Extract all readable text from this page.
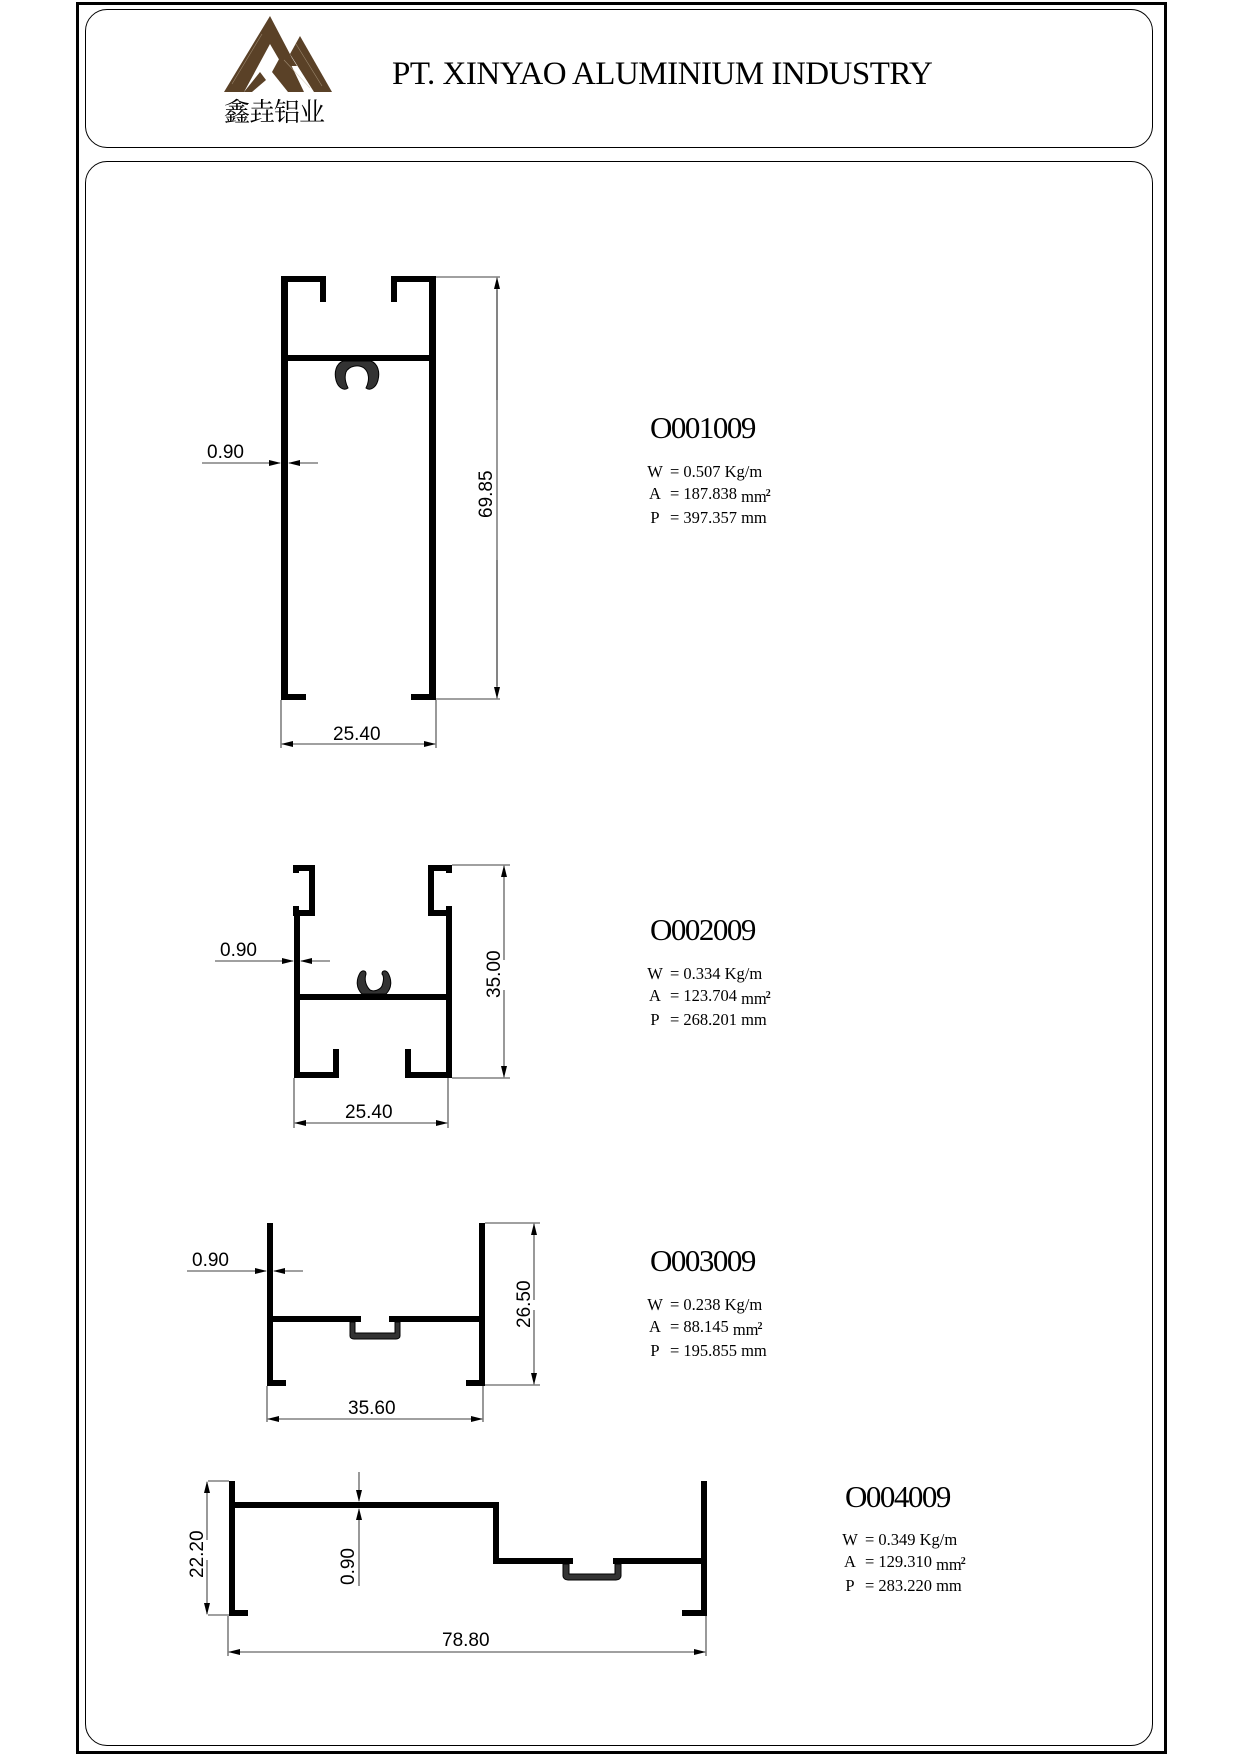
鑫垚铝业
PT. XINYAO ALUMINIUM INDUSTRY
69.85
25.40
0.90
35.00
25.40
0.90
26.50
35.60
0.90
22.20
78.80
0.90
O001009
W = 0.507 Kg/m
A = 187.838 $mm^2$
P = 397.357 mm
O002009
W = 0.334 Kg/m
A = 123.704 $mm^2$
P = 268.201 mm
O003009
W = 0.238 Kg/m
A = 88.145 $mm^2$
P = 195.855 mm
O004009
W = 0.349 Kg/m
A = 129.310 $mm^2$
P = 283.220 mm
